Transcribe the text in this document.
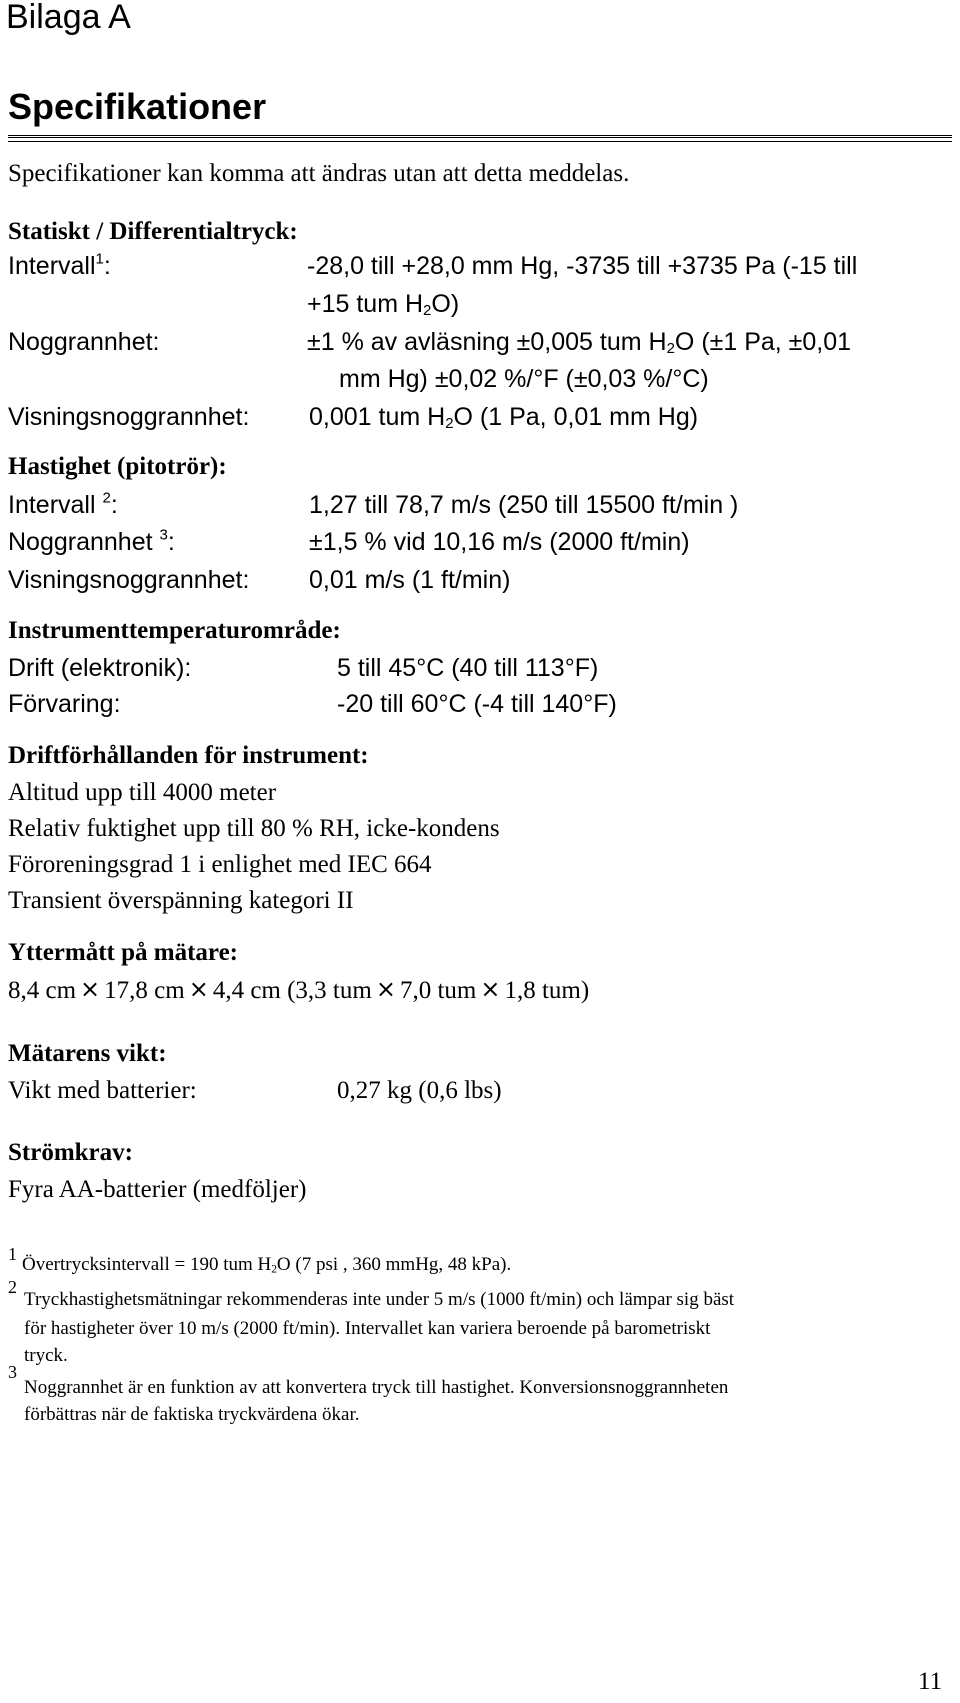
Bilaga A
Specifikationer
Specifikationer kan komma att ändras utan att detta meddelas.
Statiskt / Differentialtryck:
Intervall$^1$:	-28,0 till +28,0 mm Hg, -3735 till +3735 Pa (-15 till
+15 tum $H_2O$)
Noggrannhet:	±1 % av avläsning ±0,005 tum $H_2O$ (±1 Pa, ±0,01
mm Hg) ±0,02 %/°F (±0,03 %/°C)
Visningsnoggrannhet: 0,001 tum $H_2O$ (1 Pa, 0,01 mm Hg)
Hastighet (pitotrör):
Intervall $^2$:	1,27 till 78,7 m/s (250 till 15500 ft/min )
Noggrannhet $^3$:	±1,5 % vid 10,16 m/s (2000 ft/min)
Visningsnoggrannhet: 0,01 m/s (1 ft/min)
Instrumenttemperaturområde:
Drift (elektronik):	5 till 45°C (40 till 113°F)
Förvaring:	-20 till 60°C (-4 till 140°F)
Driftförhållanden för instrument:
Altitud upp till 4000 meter
Relativ fuktighet upp till 80 % RH, icke-kondens
Föroreningsgrad 1 i enlighet med IEC 664
Transient överspänning kategori II
Yttermått på mätare:
8,4 cm × 17,8 cm × 4,4 cm (3,3 tum × 7,0 tum × 1,8 tum)
Mätarens vikt:
Vikt med batterier:	0,27 kg (0,6 lbs)
Strömkrav:
Fyra AA-batterier (medföljer)
1 Övertrycksintervall = 190 tum $H_2O$ (7 psi , 360 mmHg, 48 kPa).
2
Tryckhastighetsmätningar rekommenderas inte under 5 m/s (1000 ft/min) och lämpar sig bäst
för hastigheter över 10 m/s (2000 ft/min). Intervallet kan variera beroende på barometriskt
tryck.
3
Noggrannhet är en funktion av att konvertera tryck till hastighet. Konversionsnoggrannheten
förbättras när de faktiska tryckvärdena ökar.
11
